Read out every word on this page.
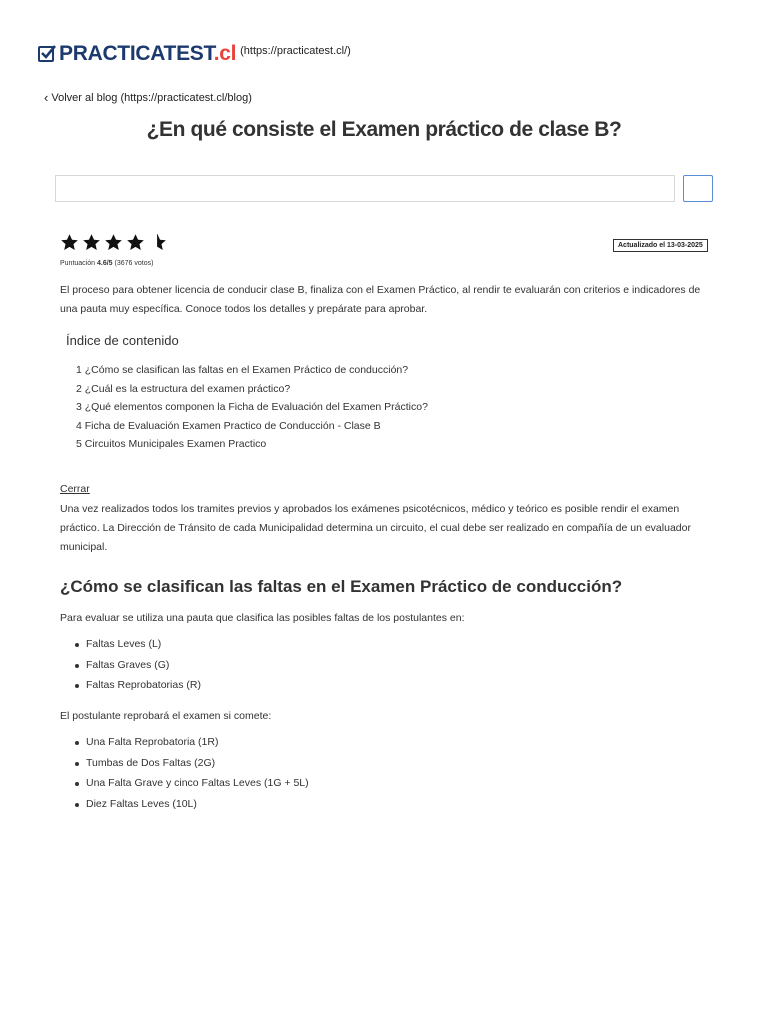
PRACTICATEST.cl (https://practicatest.cl/)
‹ Volver al blog (https://practicatest.cl/blog)
¿En qué consiste el Examen práctico de clase B?
Puntuación 4.6/5 (3676 votos)
Actualizado el 13-03-2025

El proceso para obtener licencia de conducir clase B, finaliza con el Examen Práctico, al rendir te evaluarán con criterios e indicadores de una pauta muy específica. Conoce todos los detalles y prepárate para aprobar.

Índice de contenido
1 ¿Cómo se clasifican las faltas en el Examen Práctico de conducción?
2 ¿Cuál es la estructura del examen práctico?
3 ¿Qué elementos componen la Ficha de Evaluación del Examen Práctico?
4 Ficha de Evaluación Examen Practico de Conducción - Clase B
5 Circuitos Municipales Examen Practico
Cerrar

Una vez realizados todos los tramites previos y aprobados los exámenes psicotécnicos, médico y teórico es posible rendir el examen práctico. La Dirección de Tránsito de cada Municipalidad determina un circuito, el cual debe ser realizado en compañía de un evaluador municipal.

¿Cómo se clasifican las faltas en el Examen Práctico de conducción?

Para evaluar se utiliza una pauta que clasifica las posibles faltas de los postulantes en:

Faltas Leves (L)
Faltas Graves (G)
Faltas Reprobatorias (R)

El postulante reprobará el examen si comete:

Una Falta Reprobatoria (1R)
Tumbas de Dos Faltas (2G)
Una Falta Grave y cinco Faltas Leves (1G + 5L)
Diez Faltas Leves (10L)
